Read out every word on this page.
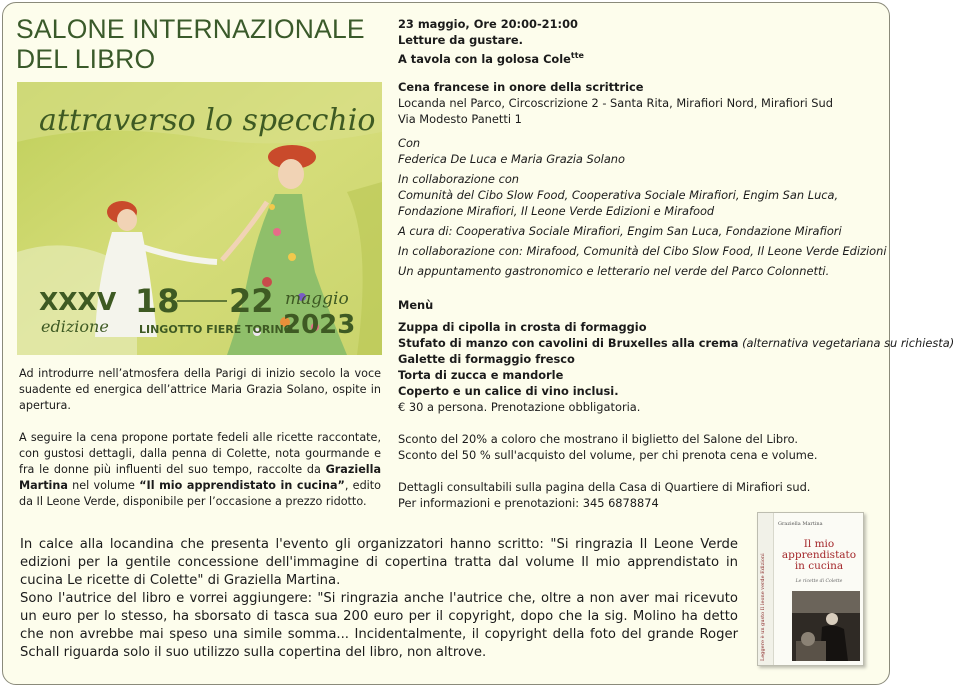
SALONE INTERNAZIONALE
DEL LIBRO
attraverso lo specchio
XXXV
edizione
18 22 maggio
LINGOTTO FIERE TORINO
2023

Ad introdurre nell’atmosfera della Parigi di inizio secolo la voce suadente ed energica dell’attrice Maria Grazia Solano, ospite in apertura.

A seguire la cena propone portate fedeli alle ricette raccontate, con gustosi dettagli, dalla penna di Colette, nota gourmande e fra le donne più influenti del suo tempo, raccolte da Graziella Martina nel volume “Il mio apprendistato in cucina”, edito da Il Leone Verde, disponibile per l’occasione a prezzo ridotto.

23 maggio, Ore 20:00-21:00
Letture da gustare.
A tavola con la golosa Cole$^{tte}$
Cena francese in onore della scrittrice
Locanda nel Parco, Circoscrizione 2 - Santa Rita, Mirafiori Nord, Mirafiori Sud
Via Modesto Panetti 1
Con
Federica De Luca e Maria Grazia Solano
In collaborazione con
Comunità del Cibo Slow Food, Cooperativa Sociale Mirafiori, Engim San Luca,
Fondazione Mirafiori, Il Leone Verde Edizioni e Mirafood
A cura di: Cooperativa Sociale Mirafiori, Engim San Luca, Fondazione Mirafiori
In collaborazione con: Mirafood, Comunità del Cibo Slow Food, Il Leone Verde Edizioni
Un appuntamento gastronomico e letterario nel verde del Parco Colonnetti.
Menù
Zuppa di cipolla in crosta di formaggio
Stufato di manzo con cavolini di Bruxelles alla crema (alternativa vegetariana su richiesta)
Galette di formaggio fresco
Torta di zucca e mandorle
Coperto e un calice di vino inclusi.
€ 30 a persona. Prenotazione obbligatoria.
Sconto del 20% a coloro che mostrano il biglietto del Salone del Libro.
Sconto del 50 % sull'acquisto del volume, per chi prenota cena e volume.
Dettagli consultabili sulla pagina della Casa di Quartiere di Mirafiori sud.
Per informazioni e prenotazioni: 345 6878874

In calce alla locandina che presenta l'evento gli organizzatori hanno scritto: "Si ringrazia Il Leone Verde edizioni per la gentile concessione dell'immagine di copertina tratta dal volume Il mio apprendistato in cucina Le ricette di Colette" di Graziella Martina.

Sono l'autrice del libro e vorrei aggiungere: "Si ringrazia anche l'autrice che, oltre a non aver mai ricevuto un euro per lo stesso, ha sborsato di tasca sua 200 euro per il copyright, dopo che la sig. Molino ha detto che non avrebbe mai speso una simile somma... Incidentalmente, il copyright della foto del grande Roger Schall riguarda solo il suo utilizzo sulla copertina del libro, non altrove.	Leggere è un gusto Il leone verde Edizioni
Graziella Martina
Il mio
apprendistato
in cucina
Le ricette di Colette
